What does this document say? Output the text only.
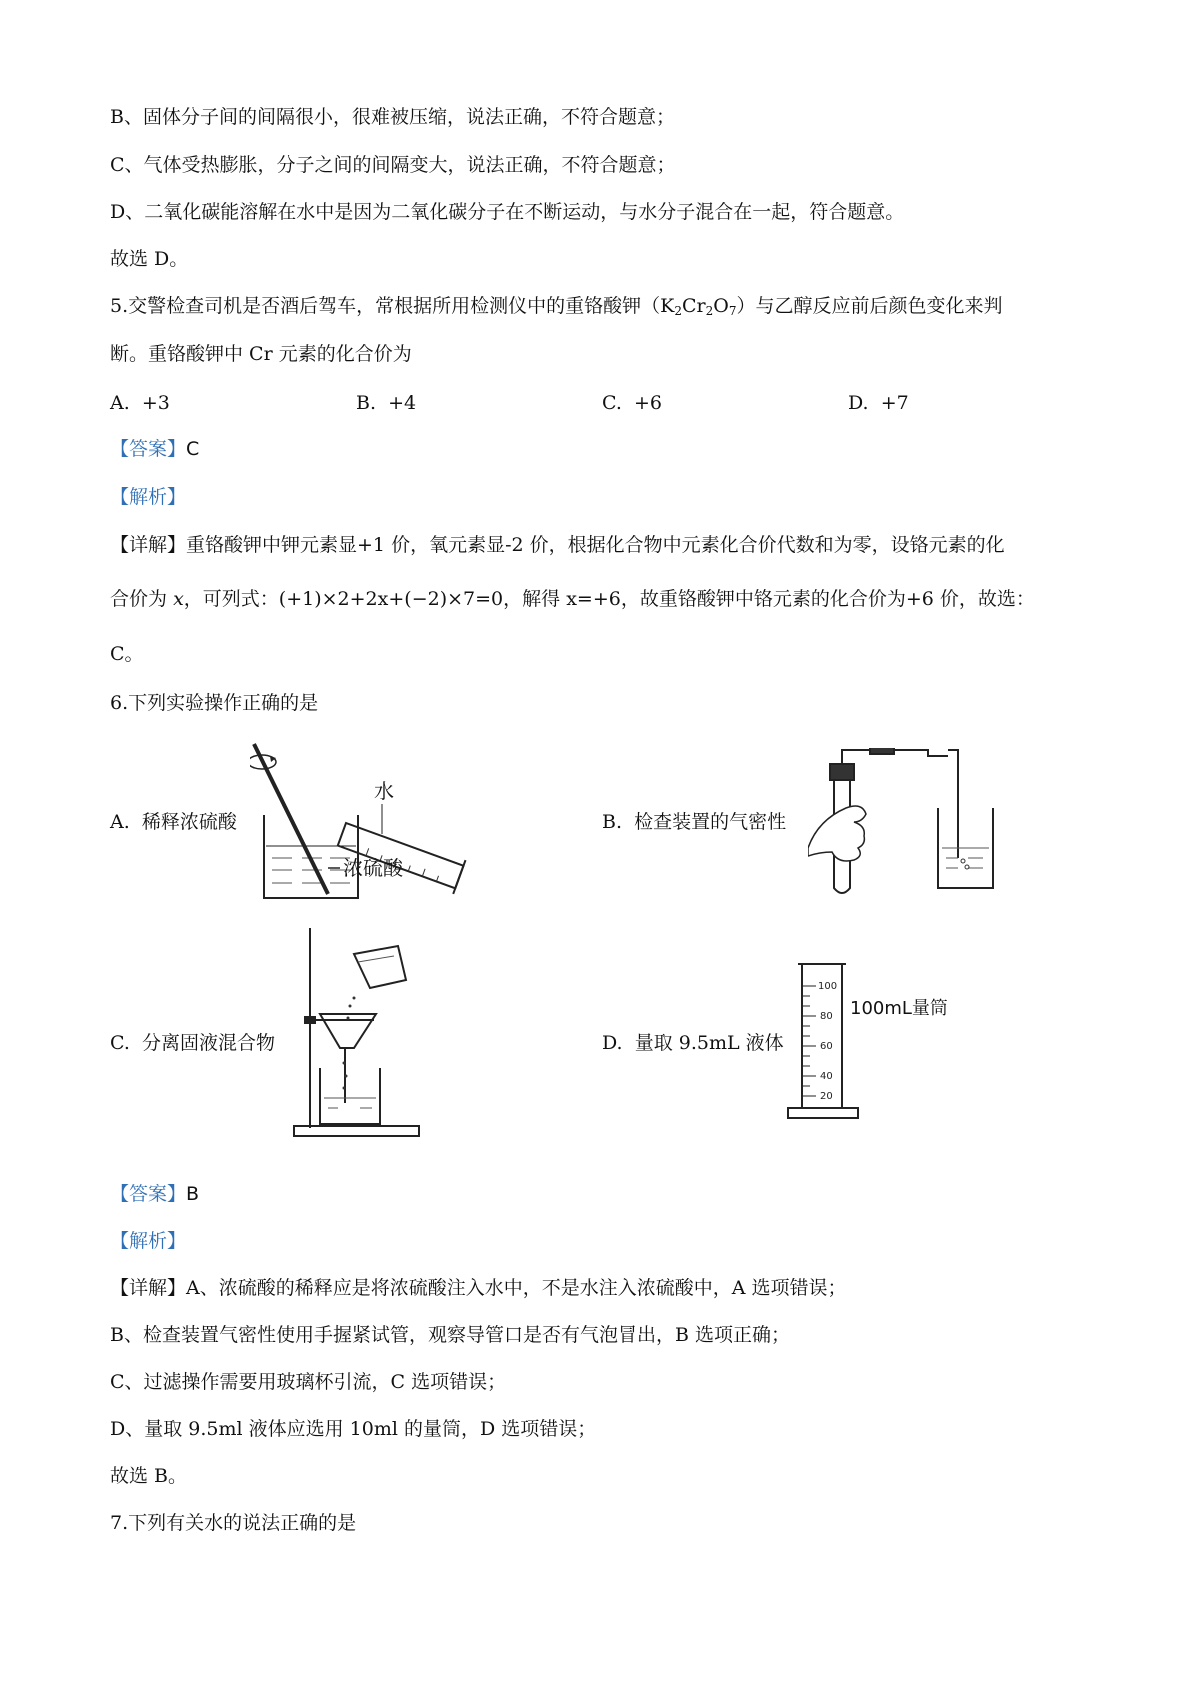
B、固体分子间的间隔很小，很难被压缩，说法正确，不符合题意；
C、气体受热膨胀，分子之间的间隔变大，说法正确，不符合题意；
D、二氧化碳能溶解在水中是因为二氧化碳分子在不断运动，与水分子混合在一起，符合题意。
故选 D。
5.交警检查司机是否酒后驾车，常根据所用检测仪中的重铬酸钾$(K_2Cr_2O_7)$与乙醇反应前后颜色变化来判
断。重铬酸钾中 Cr 元素的化合价为
A. +3	B. +4	C. +6	D. +7
【答案】C
【解析】
【详解】重铬酸钾中钾元素显+1 价，氧元素显-2 价，根据化合物中元素化合价代数和为零，设铬元素的化
合价为 x，可列式：(+1)×2+2x+(−2)×7=0，解得 x=+6，故重铬酸钾中铬元素的化合价为+6 价，故选：
C。
6.下列实验操作正确的是
A. 稀释浓硫酸	B. 检查装置的气密性
C. 分离固液混合物	D. 量取 9.5mL 液体
水
浓硫酸
100
80
60
40
20
100mL量筒
【答案】B
【解析】
【详解】A、浓硫酸的稀释应是将浓硫酸注入水中，不是水注入浓硫酸中，A 选项错误；
B、检查装置气密性使用手握紧试管，观察导管口是否有气泡冒出，B 选项正确；
C、过滤操作需要用玻璃杯引流，C 选项错误；
D、量取 9.5ml 液体应选用 10ml 的量筒，D 选项错误；
故选 B。
7.下列有关水的说法正确的是
